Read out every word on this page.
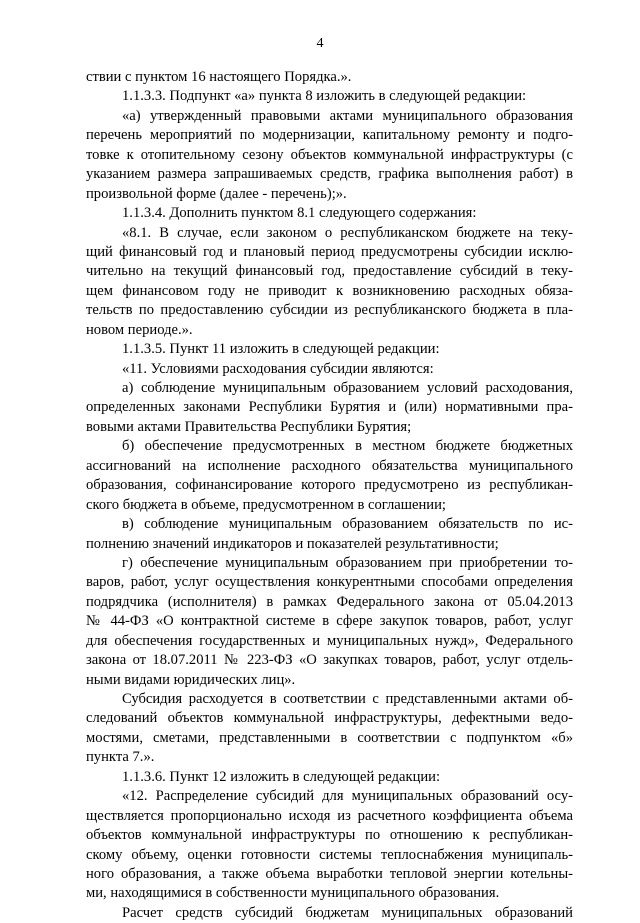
4
ствии с пунктом 16 настоящего Порядка.».
1.1.3.3. Подпункт «а» пункта 8 изложить в следующей редакции:
«а) утвержденный правовыми актами муниципального образования
перечень мероприятий по модернизации, капитальному ремонту и подго-
товке к отопительному сезону объектов коммунальной инфраструктуры (с
указанием размера запрашиваемых средств, графика выполнения работ) в
произвольной форме (далее - перечень);».
1.1.3.4. Дополнить пунктом 8.1 следующего содержания:
«8.1. В случае, если законом о республиканском бюджете на теку-
щий финансовый год и плановый период предусмотрены субсидии исклю-
чительно на текущий финансовый год, предоставление субсидий в теку-
щем финансовом году не приводит к возникновению расходных обяза-
тельств по предоставлению субсидии из республиканского бюджета в пла-
новом периоде.».
1.1.3.5. Пункт 11 изложить в следующей редакции:
«11. Условиями расходования субсидии являются:
а) соблюдение муниципальным образованием условий расходования,
определенных законами Республики Бурятия и (или) нормативными пра-
вовыми актами Правительства Республики Бурятия;
б) обеспечение предусмотренных в местном бюджете бюджетных
ассигнований на исполнение расходного обязательства муниципального
образования, софинансирование которого предусмотрено из республикан-
ского бюджета в объеме, предусмотренном в соглашении;
в) соблюдение муниципальным образованием обязательств по ис-
полнению значений индикаторов и показателей результативности;
г) обеспечение муниципальным образованием при приобретении то-
варов, работ, услуг осуществления конкурентными способами определения
подрядчика (исполнителя) в рамках Федерального закона от 05.04.2013
№ 44-ФЗ «О контрактной системе в сфере закупок товаров, работ, услуг
для обеспечения государственных и муниципальных нужд», Федерального
закона от 18.07.2011 № 223-ФЗ «О закупках товаров, работ, услуг отдель-
ными видами юридических лиц».
Субсидия расходуется в соответствии с представленными актами об-
следований объектов коммунальной инфраструктуры, дефектными ведо-
мостями, сметами, представленными в соответствии с подпунктом «б»
пункта 7.».
1.1.3.6. Пункт 12 изложить в следующей редакции:
«12. Распределение субсидий для муниципальных образований осу-
ществляется пропорционально исходя из расчетного коэффициента объема
объектов коммунальной инфраструктуры по отношению к республикан-
скому объему, оценки готовности системы теплоснабжения муниципаль-
ного образования, а также объема выработки тепловой энергии котельны-
ми, находящимися в собственности муниципального образования.
Расчет средств субсидий бюджетам муниципальных образований
